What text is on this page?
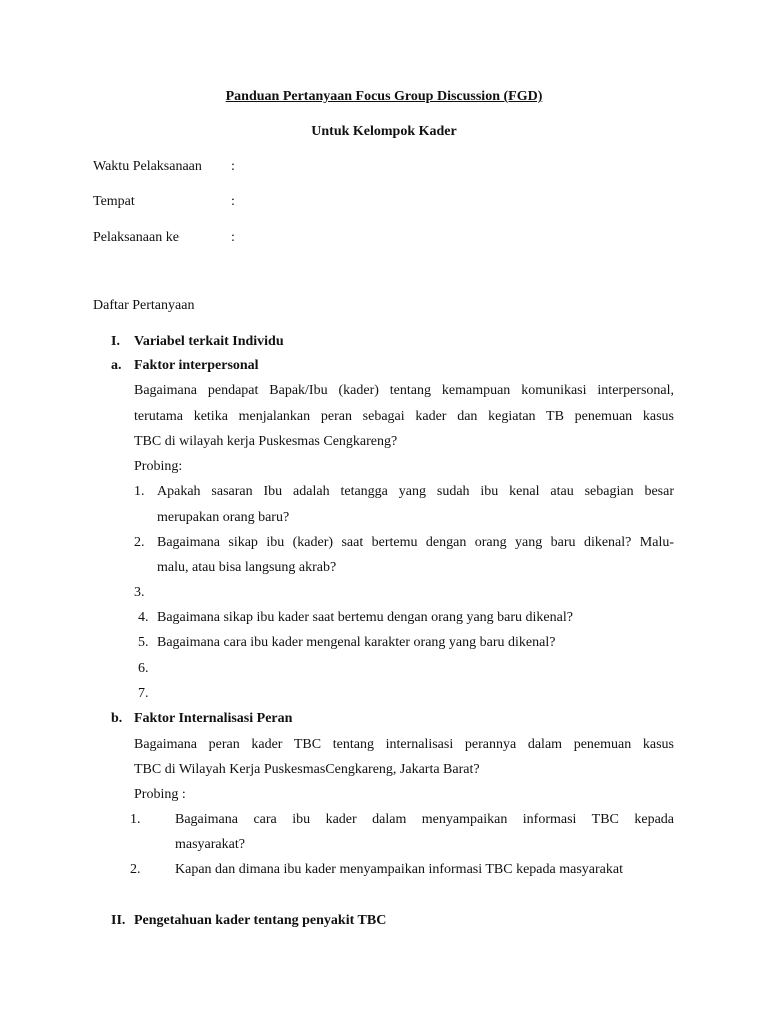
Panduan Pertanyaan Focus Group Discussion (FGD)
Untuk Kelompok Kader
Waktu Pelaksanaan :
Tempat	:
Pelaksanaan ke	:
Daftar Pertanyaan
I. Variabel terkait Individu
a. Faktor interpersonal
Bagaimana pendapat Bapak/Ibu (kader) tentang kemampuan komunikasi interpersonal,
terutama ketika menjalankan peran sebagai kader dan kegiatan TB penemuan kasus
TBC di wilayah kerja Puskesmas Cengkareng?
Probing:
1. Apakah sasaran Ibu adalah tetangga yang sudah ibu kenal atau sebagian besar
merupakan orang baru?
2. Bagaimana sikap ibu (kader) saat bertemu dengan orang yang baru dikenal? Malu-
malu, atau bisa langsung akrab?
3.
4. Bagaimana sikap ibu kader saat bertemu dengan orang yang baru dikenal?
5. Bagaimana cara ibu kader mengenal karakter orang yang baru dikenal?
6.
7.
b. Faktor Internalisasi Peran
Bagaimana peran kader TBC tentang internalisasi perannya dalam penemuan kasus
TBC di Wilayah Kerja PuskesmasCengkareng, Jakarta Barat?
Probing :
1. Bagaimana cara ibu kader dalam menyampaikan informasi TBC kepada
masyarakat?
2. Kapan dan dimana ibu kader menyampaikan informasi TBC kepada masyarakat
II. Pengetahuan kader tentang penyakit TBC
